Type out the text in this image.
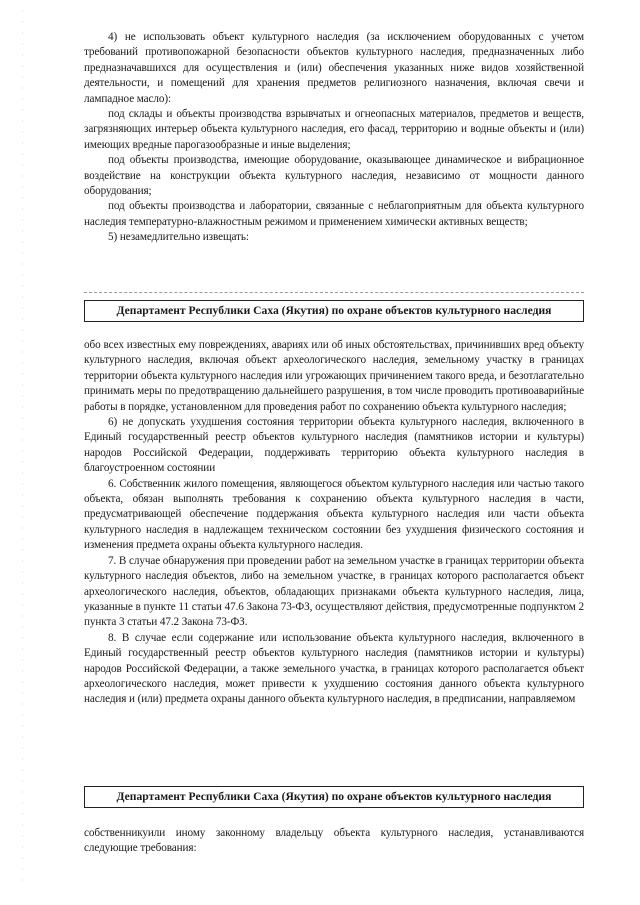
4) не использовать объект культурного наследия (за исключением оборудованных с учетом требований противопожарной безопасности объектов культурного наследия, предназначенных либо предназначавшихся для осуществления и (или) обеспечения указанных ниже видов хозяйственной деятельности, и помещений для хранения предметов религиозного назначения, включая свечи и лампадное масло):

под склады и объекты производства взрывчатых и огнеопасных материалов, предметов и веществ, загрязняющих интерьер объекта культурного наследия, его фасад, территорию и водные объекты и (или) имеющих вредные парогазообразные и иные выделения;

под объекты производства, имеющие оборудование, оказывающее динамическое и вибрационное воздействие на конструкции объекта культурного наследия, независимо от мощности данного оборудования;

под объекты производства и лаборатории, связанные с неблагоприятным для объекта культурного наследия температурно-влажностным режимом и применением химически активных веществ;

5) незамедлительно извещать:

Департамент Республики Саха (Якутия) по охране объектов культурного наследия

обо всех известных ему повреждениях, авариях или об иных обстоятельствах, причинивших вред объекту культурного наследия, включая объект археологического наследия, земельному участку в границах территории объекта культурного наследия или угрожающих причинением такого вреда, и безотлагательно принимать меры по предотвращению дальнейшего разрушения, в том числе проводить противоаварийные работы в порядке, установленном для проведения работ по сохранению объекта культурного наследия;

6) не допускать ухудшения состояния территории объекта культурного наследия, включенного в Единый государственный реестр объектов культурного наследия (памятников истории и культуры) народов Российской Федерации, поддерживать территорию объекта культурного наследия в благоустроенном состоянии

6. Собственник жилого помещения, являющегося объектом культурного наследия или частью такого объекта, обязан выполнять требования к сохранению объекта культурного наследия в части, предусматривающей обеспечение поддержания объекта культурного наследия или части объекта культурного наследия в надлежащем техническом состоянии без ухудшения физического состояния и изменения предмета охраны объекта культурного наследия.

7. В случае обнаружения при проведении работ на земельном участке в границах территории объекта культурного наследия объектов, либо на земельном участке, в границах которого располагается объект археологического наследия, объектов, обладающих признаками объекта культурного наследия, лица, указанные в пункте 11 статьи 47.6 Закона 73-ФЗ, осуществляют действия, предусмотренные подпунктом 2 пункта 3 статьи 47.2 Закона 73-ФЗ.

8. В случае если содержание или использование объекта культурного наследия, включенного в Единый государственный реестр объектов культурного наследия (памятников истории и культуры) народов Российской Федерации, а также земельного участка, в границах которого располагается объект археологического наследия, может привести к ухудшению состояния данного объекта культурного наследия и (или) предмета охраны данного объекта культурного наследия, в предписании, направляемом

Департамент Республики Саха (Якутия) по охране объектов культурного наследия

собственникуили иному законному владельцу объекта культурного наследия, устанавливаются следующие требования:
